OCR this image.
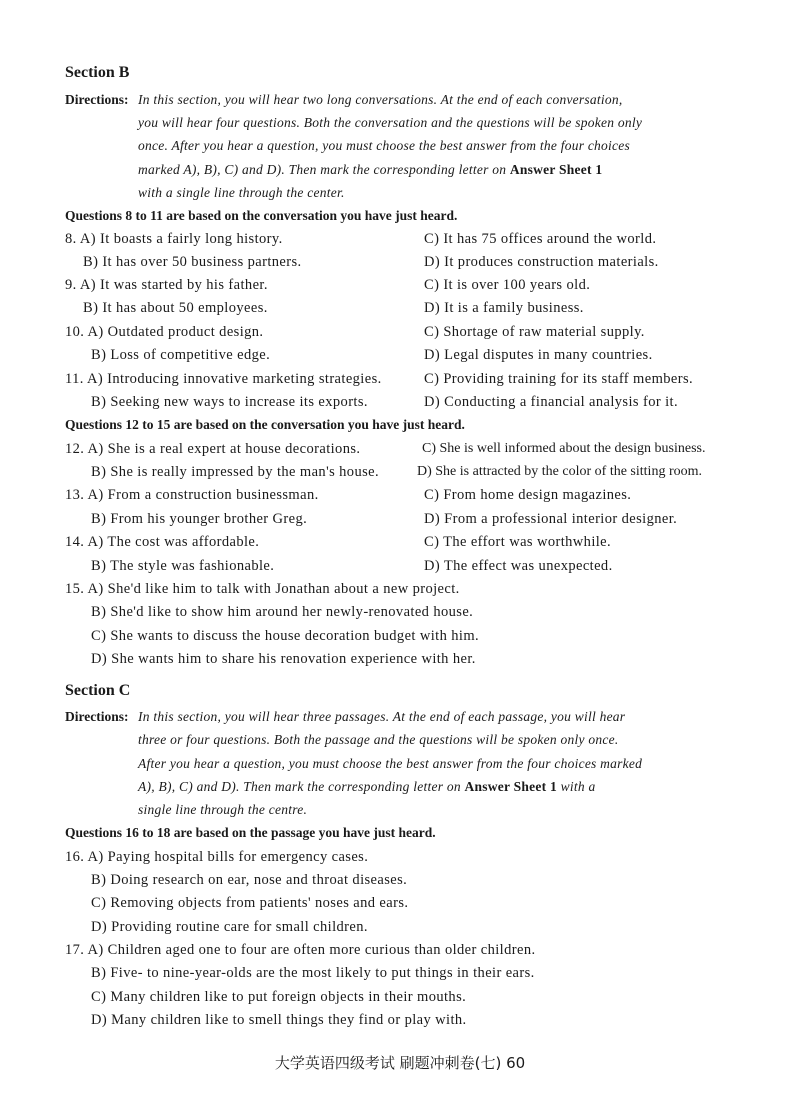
Section B
Directions: In this section, you will hear two long conversations. At the end of each conversation,
you will hear four questions. Both the conversation and the questions will be spoken only
once. After you hear a question, you must choose the best answer from the four choices
marked A), B), C) and D). Then mark the corresponding letter on Answer Sheet 1
with a single line through the center.
Questions 8 to 11 are based on the conversation you have just heard.
8. A) It boasts a fairly long history.	C) It has 75 offices around the world.
B) It has over 50 business partners.	D) It produces construction materials.
9. A) It was started by his father.	C) It is over 100 years old.
B) It has about 50 employees.	D) It is a family business.
10. A) Outdated product design.	C) Shortage of raw material supply.
B) Loss of competitive edge.	D) Legal disputes in many countries.
11. A) Introducing innovative marketing strategies.	C) Providing training for its staff members.
B) Seeking new ways to increase its exports.	D) Conducting a financial analysis for it.
Questions 12 to 15 are based on the conversation you have just heard.
12. A) She is a real expert at house decorations.	C) She is well informed about the design business.
B) She is really impressed by the man's house.	D) She is attracted by the color of the sitting room.
13. A) From a construction businessman.	C) From home design magazines.
B) From his younger brother Greg.	D) From a professional interior designer.
14. A) The cost was affordable.	C) The effort was worthwhile.
B) The style was fashionable.	D) The effect was unexpected.
15. A) She'd like him to talk with Jonathan about a new project.
B) She'd like to show him around her newly-renovated house.
C) She wants to discuss the house decoration budget with him.
D) She wants him to share his renovation experience with her.
Section C
Directions: In this section, you will hear three passages. At the end of each passage, you will hear
three or four questions. Both the passage and the questions will be spoken only once.
After you hear a question, you must choose the best answer from the four choices marked
A), B), C) and D). Then mark the corresponding letter on Answer Sheet 1 with a
single line through the centre.
Questions 16 to 18 are based on the passage you have just heard.
16. A) Paying hospital bills for emergency cases.
B) Doing research on ear, nose and throat diseases.
C) Removing objects from patients' noses and ears.
D) Providing routine care for small children.
17. A) Children aged one to four are often more curious than older children.
B) Five- to nine-year-olds are the most likely to put things in their ears.
C) Many children like to put foreign objects in their mouths.
D) Many children like to smell things they find or play with.
大学英语四级考试 刷题冲刺卷(七) 60
